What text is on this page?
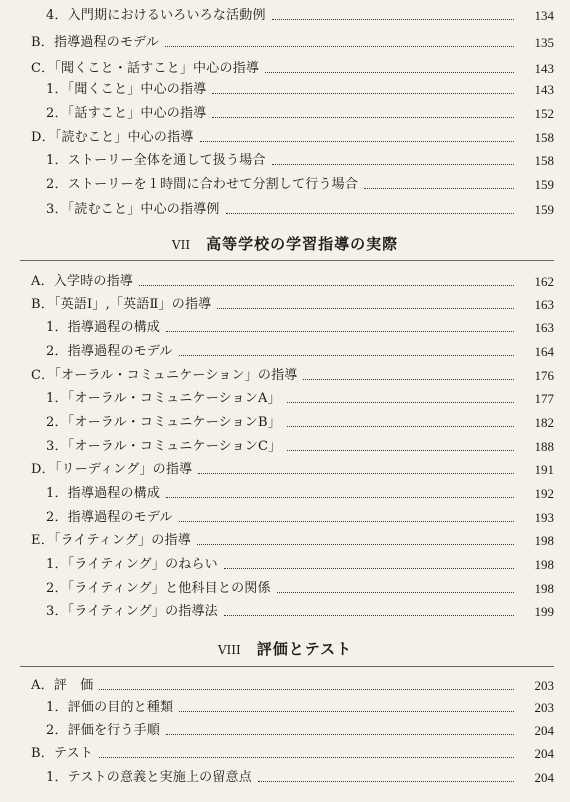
4．入門期におけるいろいろな活動例	134
B．指導過程のモデル	135
C．「聞くこと・話すこと」中心の指導	143
1．「聞くこと」中心の指導	143
2．「話すこと」中心の指導	152
D．「読むこと」中心の指導	158
1．ストーリー全体を通して扱う場合	158
2．ストーリーを１時間に合わせて分割して行う場合	159
3．「読むこと」中心の指導例	159
VII 高等学校の学習指導の実際
A．入学時の指導	162
B．「英語Ⅰ」,「英語Ⅱ」の指導	163
1．指導過程の構成	163
2．指導過程のモデル	164
C．「オーラル・コミュニケーション」の指導	176
1．「オーラル・コミュニケーションA」	177
2．「オーラル・コミュニケーションB」	182
3．「オーラル・コミュニケーションC」	188
D．「リーディング」の指導	191
1．指導過程の構成	192
2．指導過程のモデル	193
E．「ライティング」の指導	198
1．「ライティング」のねらい	198
2．「ライティング」と他科目との関係	198
3．「ライティング」の指導法	199
VIII 評価とテスト
A．評　価	203
1．評価の目的と種類	203
2．評価を行う手順	204
B．テスト	204
1．テストの意義と実施上の留意点	204
